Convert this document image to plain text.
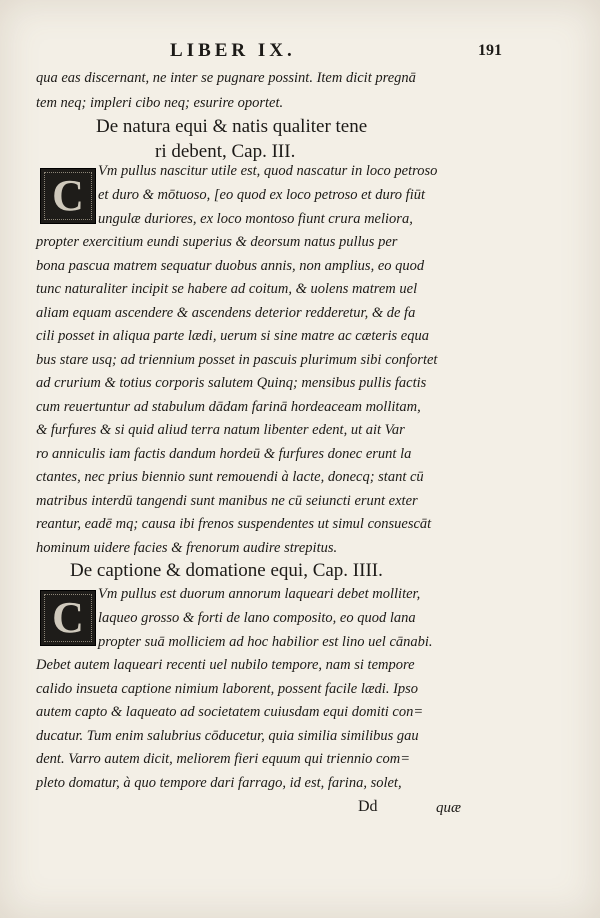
LIBER IX.	191
qua eas discernant, ne inter se pugnare possint. Item dicit pregnā
tem neq; impleri cibo neq; esurire oportet.
De natura equi & natis qualiter tene
ri debent, Cap. III.
C Vm pullus nascitur utile est, quod nascatur in loco petroso
et duro & mōtuoso, [eo quod ex loco petroso et duro fiūt
ungulæ duriores, ex loco montoso fiunt crura meliora,
propter exercitium eundi superius & deorsum natus pullus per
bona pascua matrem sequatur duobus annis, non amplius, eo quod
tunc naturaliter incipit se habere ad coitum, & uolens matrem uel
aliam equam ascendere & ascendens deterior redderetur, & de fa
cili posset in aliqua parte lædi, uerum si sine matre ac cæteris equa
bus stare usq; ad triennium posset in pascuis plurimum sibi confortet
ad crurium & totius corporis salutem Quinq; mensibus pullis factis
cum reuertuntur ad stabulum dādam farinā hordeaceam mollitam,
& furfures & si quid aliud terra natum libenter edent, ut ait Var
ro anniculis iam factis dandum hordeū & furfures donec erunt la
ctantes, nec prius biennio sunt remouendi à lacte, donecq; stant cū
matribus interdū tangendi sunt manibus ne cū seiuncti erunt exter
reantur, eadē mq; causa ibi frenos suspendentes ut simul consuescāt
hominum uidere facies & frenorum audire strepitus.
De captione & domatione equi, Cap. IIII.
C Vm pullus est duorum annorum laqueari debet molliter,
laqueo grosso & forti de lano composito, eo quod lana
propter suā molliciem ad hoc habilior est lino uel cānabi.
Debet autem laqueari recenti uel nubilo tempore, nam si tempore
calido insueta captione nimium laborent, possent facile lædi. Ipso
autem capto & laqueato ad societatem cuiusdam equi domiti con=
ducatur. Tum enim salubrius cōducetur, quia similia similibus gau
dent. Varro autem dicit, meliorem fieri equum qui triennio com=
pleto domatur, à quo tempore dari farrago, id est, farina, solet,
Dd	quæ
